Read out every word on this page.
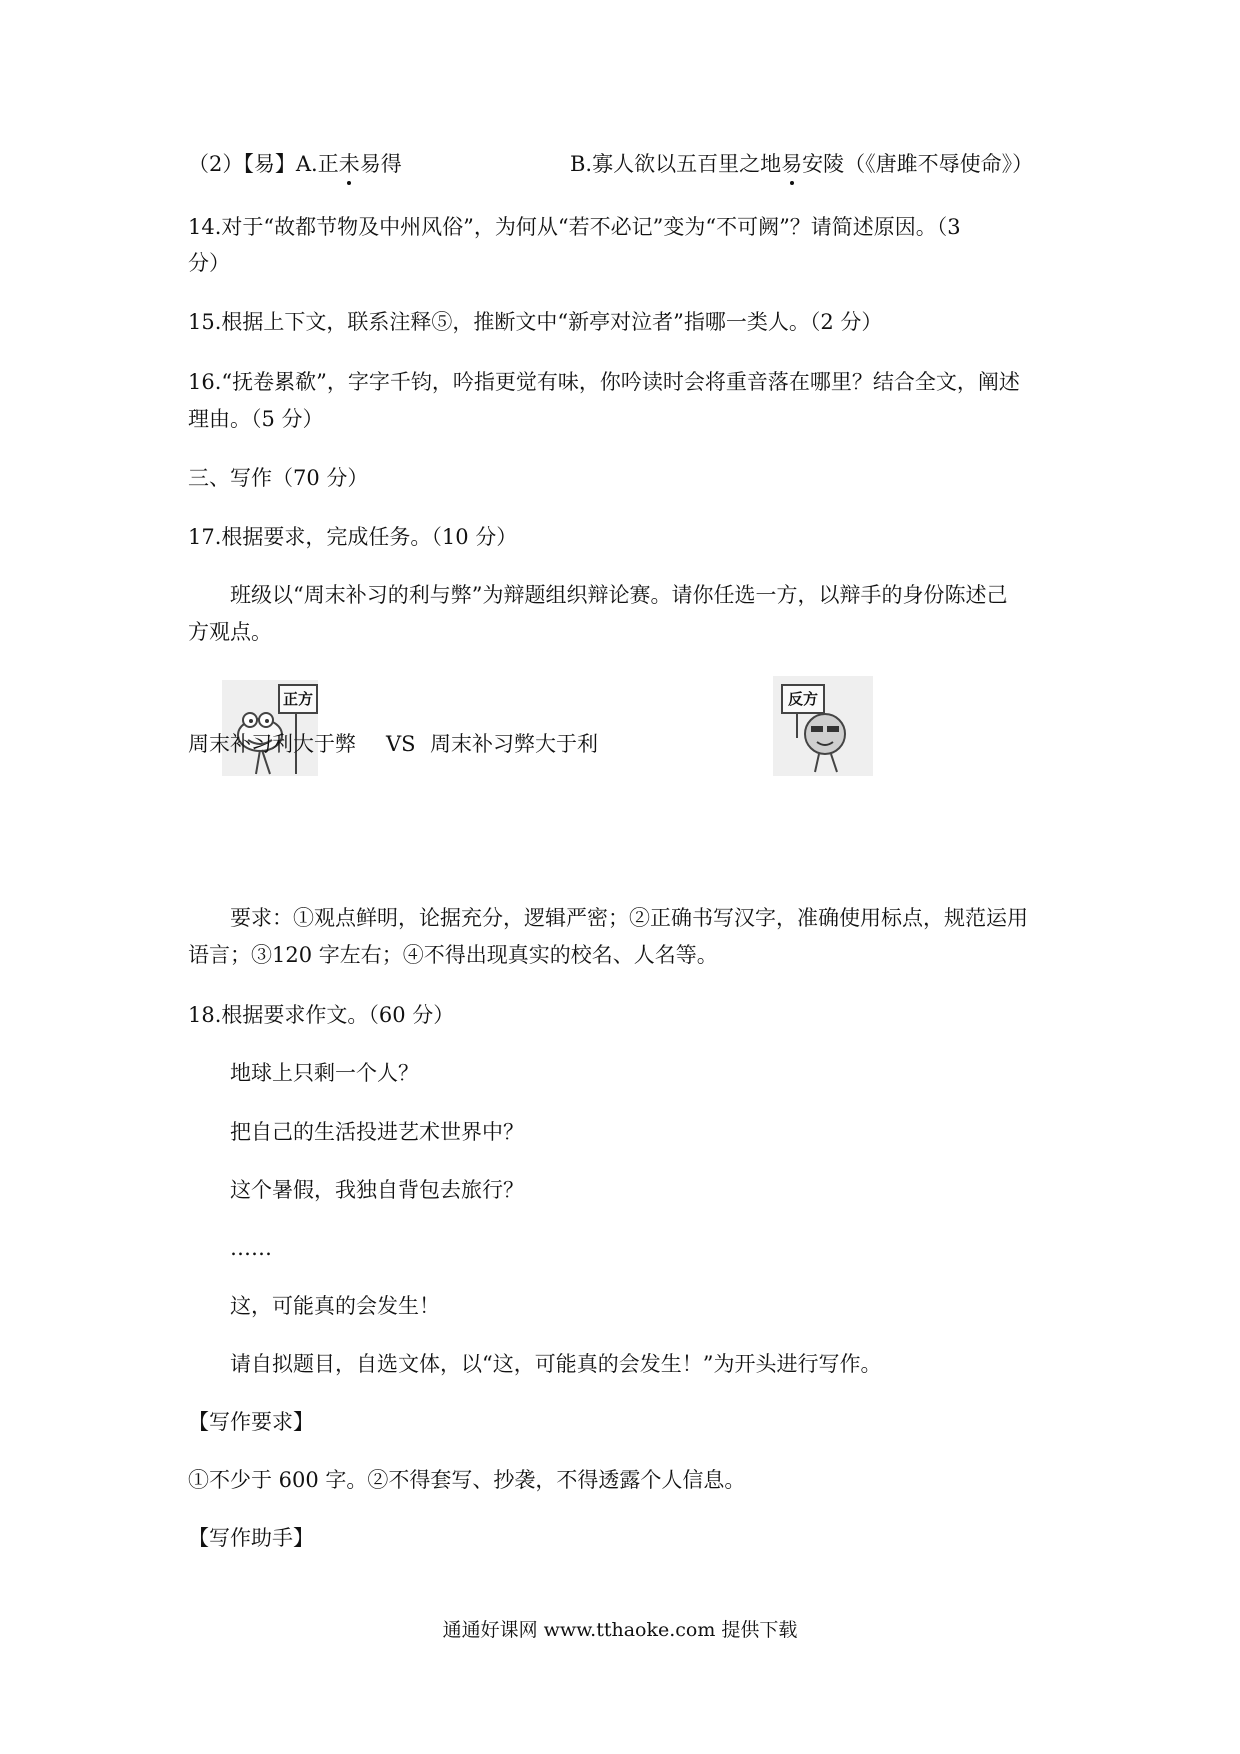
（2）【易】A.正未易得	B.寡人欲以五百里之地易安陵（《唐雎不辱使命》）
14.对于“故都节物及中州风俗”，为何从“若不必记”变为“不可阙”？请简述原因。（3
分）
15.根据上下文，联系注释⑤，推断文中“新亭对泣者”指哪一类人。（2 分）
16.“抚卷累欷”，字字千钧，吟指更觉有味，你吟读时会将重音落在哪里？结合全文，阐述
理由。（5 分）
三、写作（70 分）
17.根据要求，完成任务。（10 分）
班级以“周末补习的利与弊”为辩题组织辩论赛。请你任选一方，以辩手的身份陈述己
方观点。
正方	反方
周末补习利大于弊 VS 周末补习弊大于利
要求：①观点鲜明，论据充分，逻辑严密；②正确书写汉字，准确使用标点，规范运用
语言；③120 字左右；④不得出现真实的校名、人名等。
18.根据要求作文。（60 分）
地球上只剩一个人？
把自己的生活投进艺术世界中？
这个暑假，我独自背包去旅行？
……
这，可能真的会发生！
请自拟题目，自选文体，以“这，可能真的会发生！”为开头进行写作。
【写作要求】
①不少于 600 字。②不得套写、抄袭，不得透露个人信息。
【写作助手】
通通好课网 www.tthaoke.com 提供下载
